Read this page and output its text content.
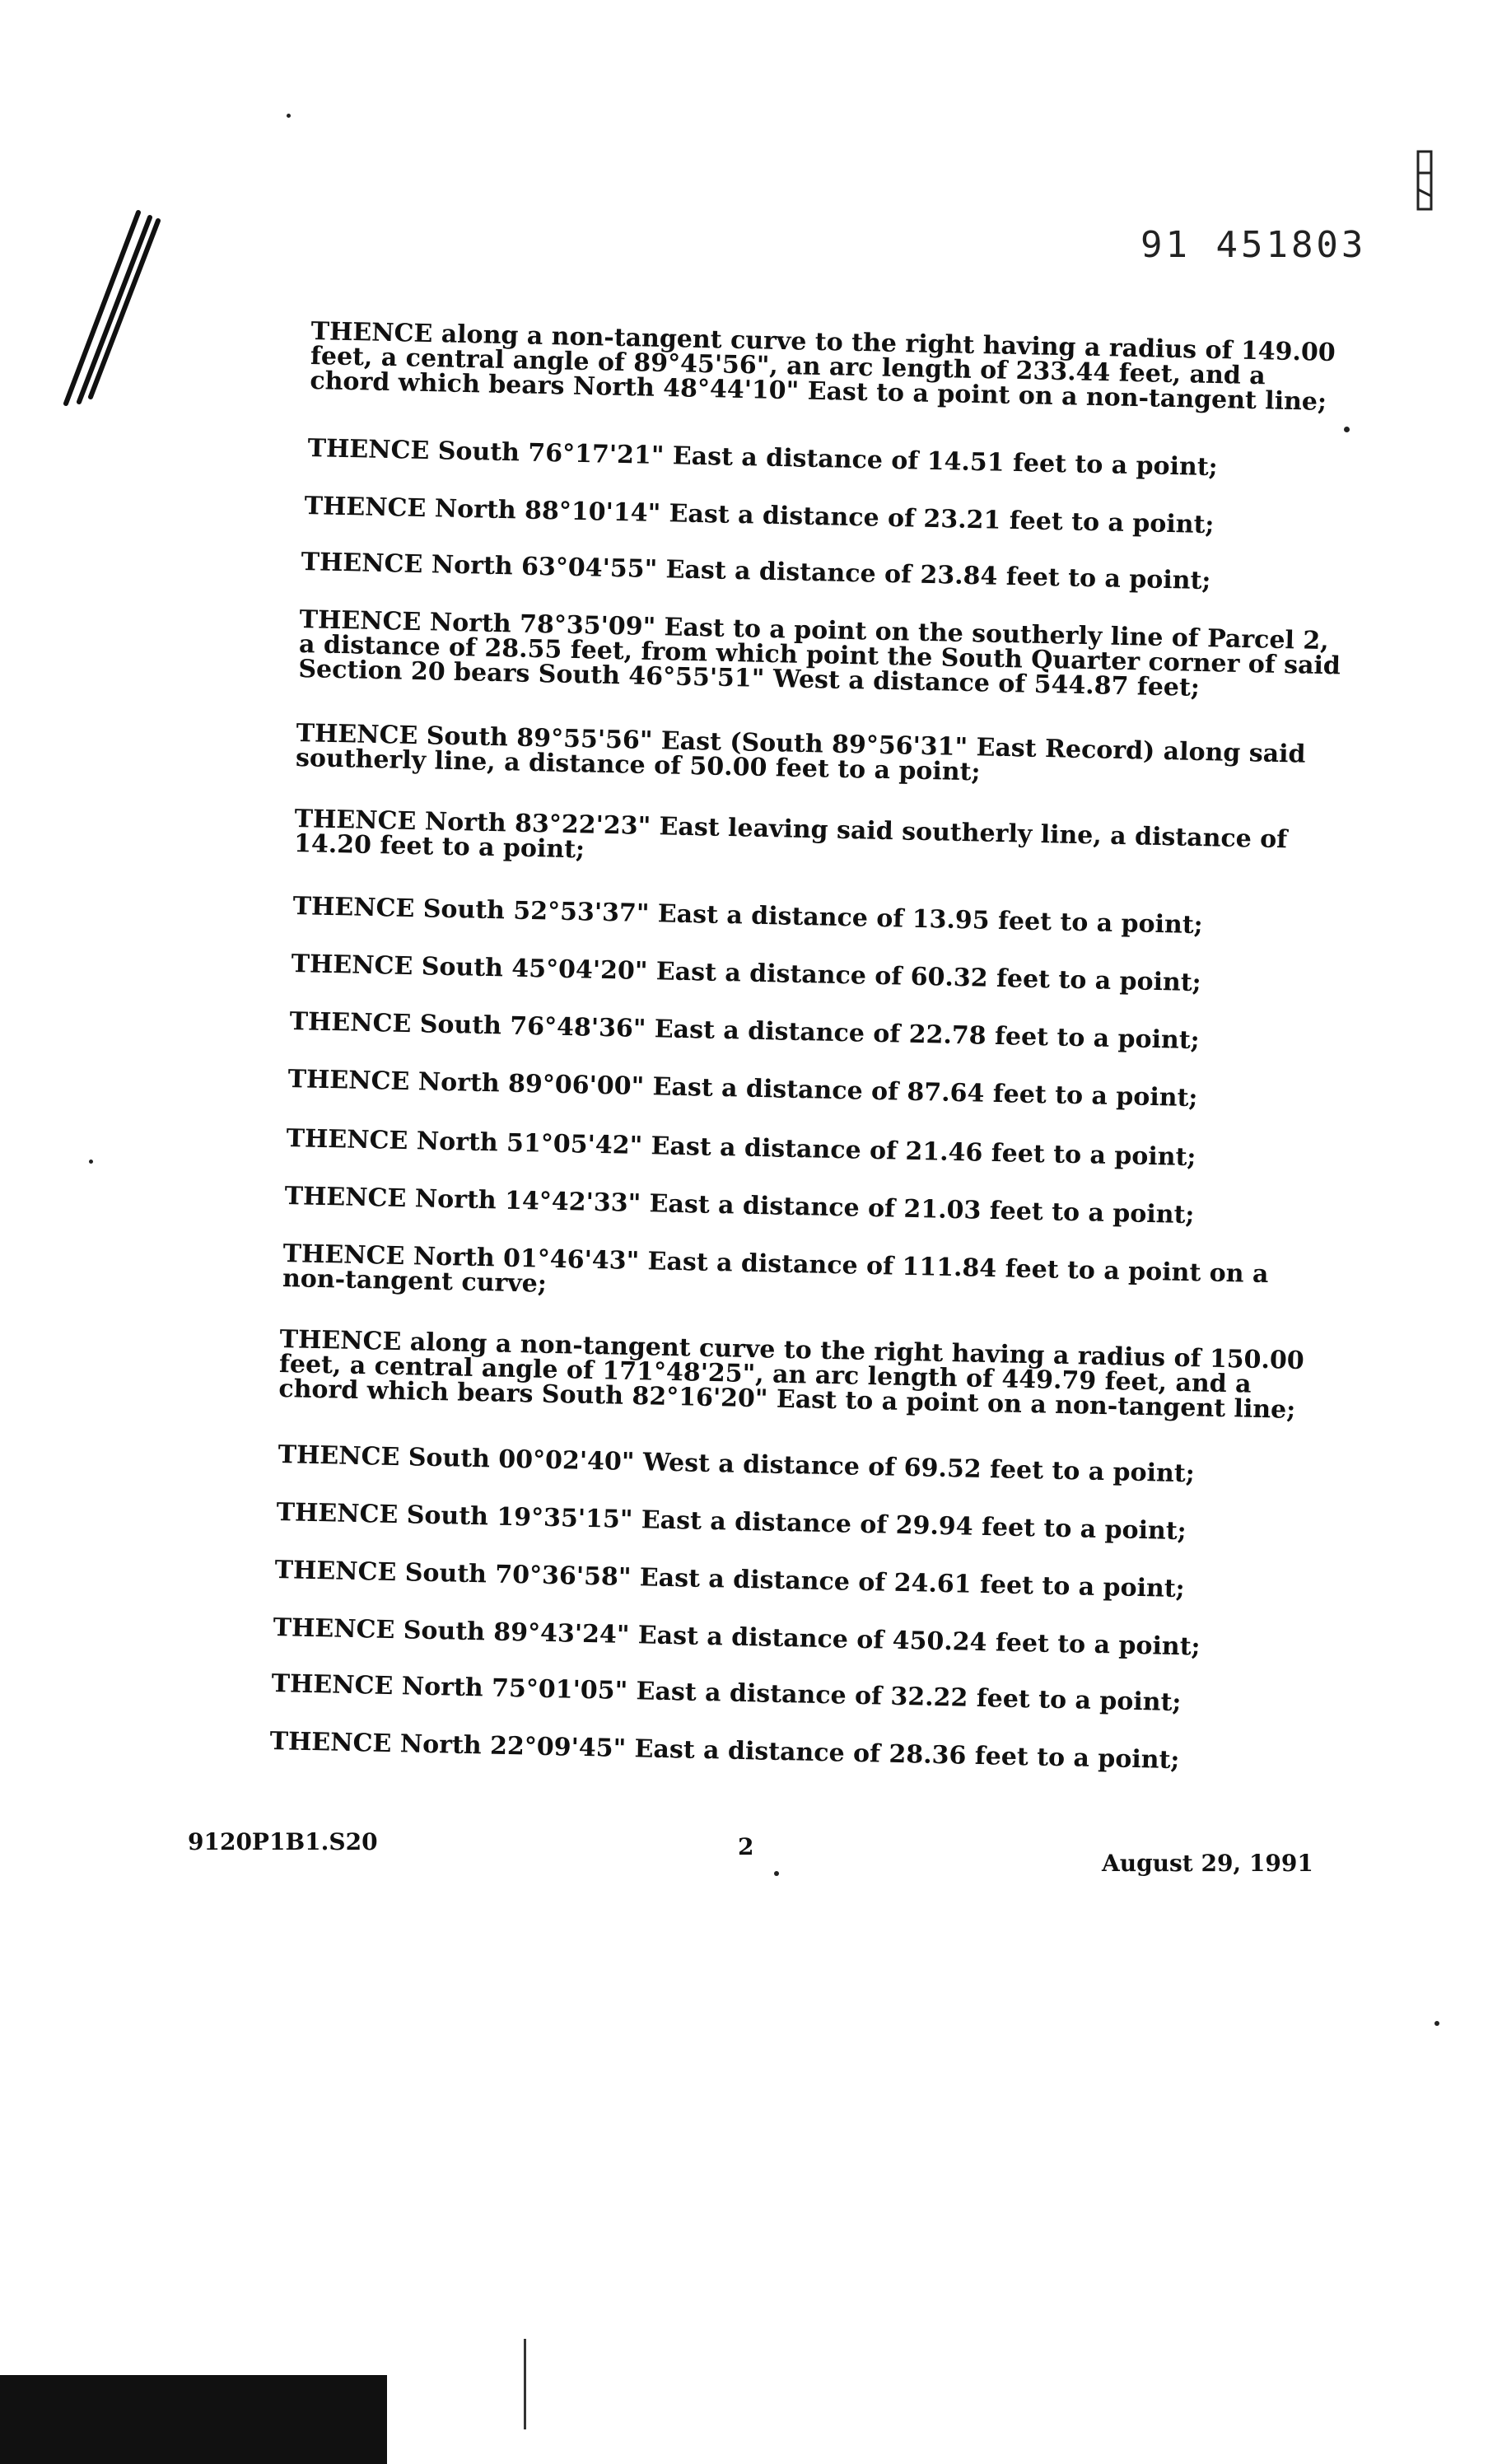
91 451803
THENCE along a non-tangent curve to the right having a radius of 149.00 feet, a central angle of 89°45'56", an arc length of 233.44 feet, and a chord which bears North 48°44'10" East to a point on a non-tangent line;
THENCE South 76°17'21" East a distance of 14.51 feet to a point;
THENCE North 88°10'14" East a distance of 23.21 feet to a point;
THENCE North 63°04'55" East a distance of 23.84 feet to a point;
THENCE North 78°35'09" East to a point on the southerly line of Parcel 2, a distance of 28.55 feet, from which point the South Quarter corner of said Section 20 bears South 46°55'51" West a distance of 544.87 feet;
THENCE South 89°55'56" East (South 89°56'31" East Record) along said southerly line, a distance of 50.00 feet to a point;
THENCE North 83°22'23" East leaving said southerly line, a distance of 14.20 feet to a point;
THENCE South 52°53'37" East a distance of 13.95 feet to a point;
THENCE South 45°04'20" East a distance of 60.32 feet to a point;
THENCE South 76°48'36" East a distance of 22.78 feet to a point;
THENCE North 89°06'00" East a distance of 87.64 feet to a point;
THENCE North 51°05'42" East a distance of 21.46 feet to a point;
THENCE North 14°42'33" East a distance of 21.03 feet to a point;
THENCE North 01°46'43" East a distance of 111.84 feet to a point on a non-tangent curve;
THENCE along a non-tangent curve to the right having a radius of 150.00 feet, a central angle of 171°48'25", an arc length of 449.79 feet, and a chord which bears South 82°16'20" East to a point on a non-tangent line;
THENCE South 00°02'40" West a distance of 69.52 feet to a point;
THENCE South 19°35'15" East a distance of 29.94 feet to a point;
THENCE South 70°36'58" East a distance of 24.61 feet to a point;
THENCE South 89°43'24" East a distance of 450.24 feet to a point;
THENCE North 75°01'05" East a distance of 32.22 feet to a point;
THENCE North 22°09'45" East a distance of 28.36 feet to a point;
9120P1B1.S20	2
August 29, 1991
